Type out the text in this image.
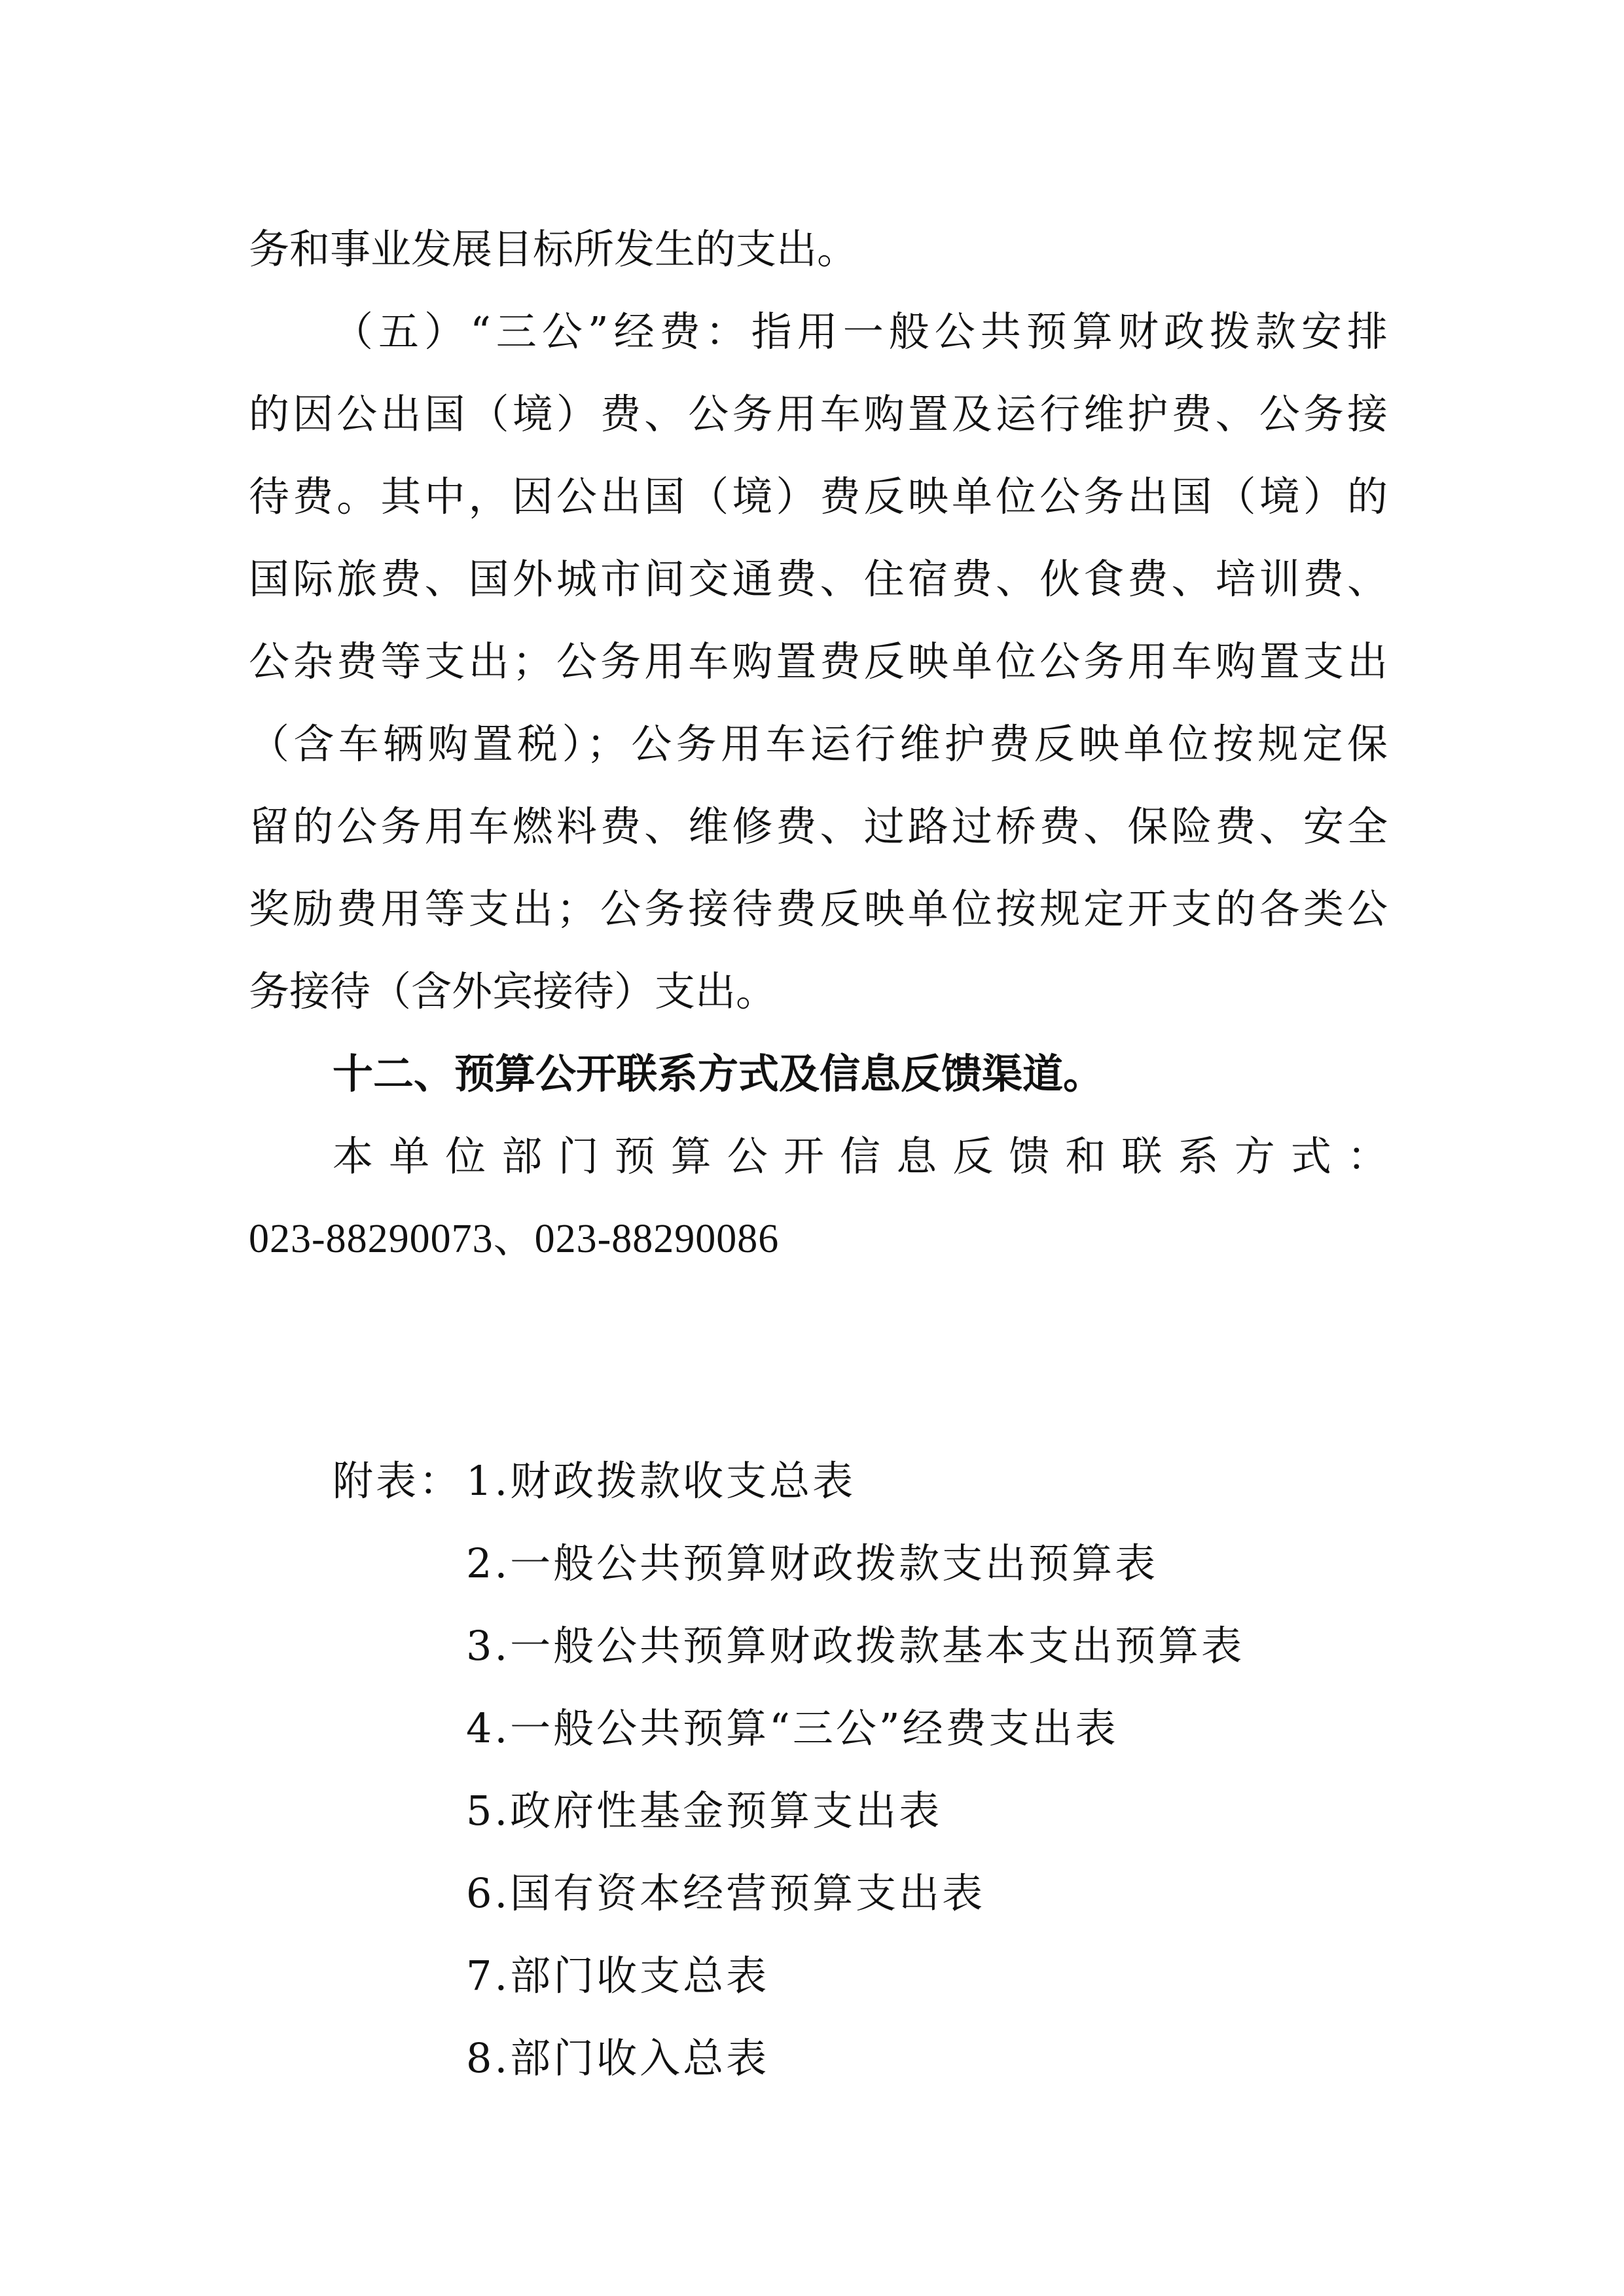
务和事业发展目标所发生的支出。
（五）“三公”经费：指用一般公共预算财政拨款安排
的因公出国（境）费、公务用车购置及运行维护费、公务接
待费。其中，因公出国（境）费反映单位公务出国（境）的
国际旅费、国外城市间交通费、住宿费、伙食费、培训费、
公杂费等支出；公务用车购置费反映单位公务用车购置支出
（含车辆购置税）；公务用车运行维护费反映单位按规定保
留的公务用车燃料费、维修费、过路过桥费、保险费、安全
奖励费用等支出；公务接待费反映单位按规定开支的各类公
务接待（含外宾接待）支出。
十二、预算公开联系方式及信息反馈渠道。
本单位部门预算公开信息反馈和联系方式：
023-88290073、023-88290086
附表： 1.财政拨款收支总表
2.一般公共预算财政拨款支出预算表
3.一般公共预算财政拨款基本支出预算表
4.一般公共预算“三公”经费支出表
5.政府性基金预算支出表
6.国有资本经营预算支出表
7.部门收支总表
8.部门收入总表
